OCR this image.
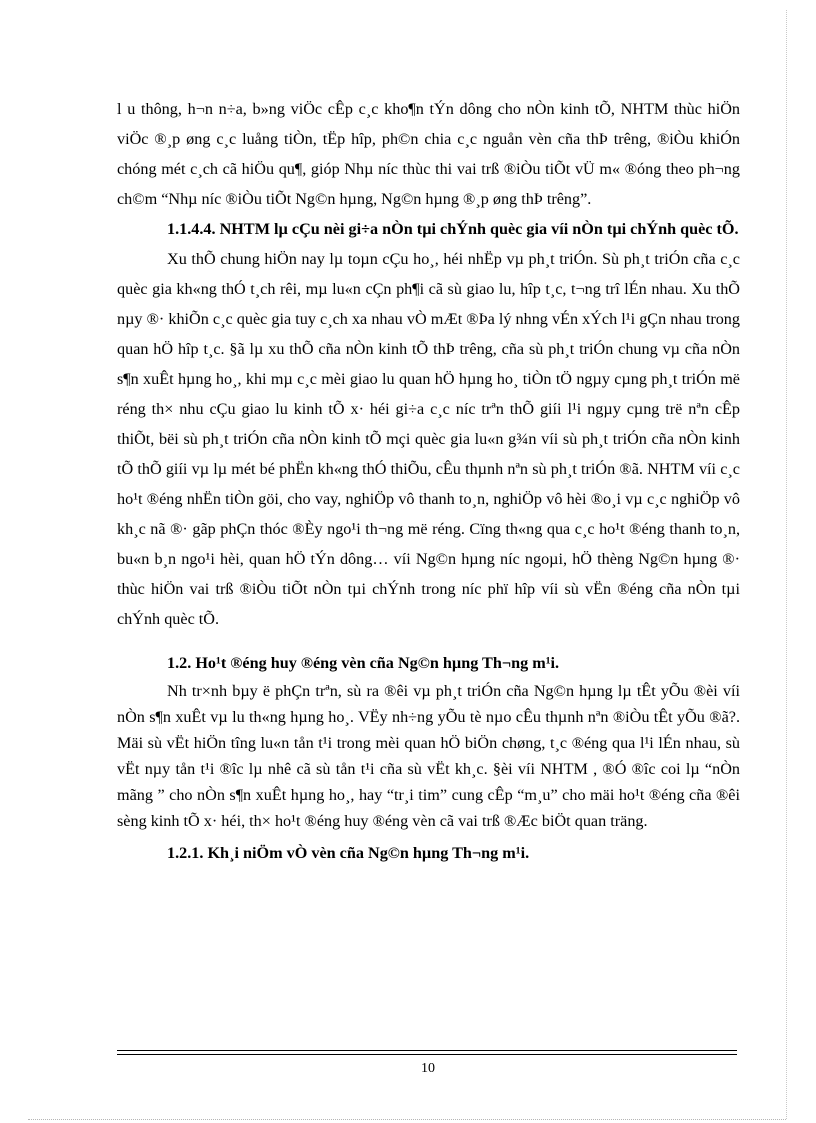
l u thông, h¬n n÷a, b»ng viÖc cÊp c¸c kho¶n tÝn dông cho nÒn kinh tÕ, NHTM thùc hiÖn viÖc ®¸p øng c¸c luång tiÒn, tËp hîp, ph©n chia c¸c nguån vèn cña thÞ trêng, ®iÒu khiÓn chóng mét c¸ch cã hiÖu qu¶, gióp Nhµ níc thùc thi vai trß ®iÒu tiÕt vÜ m« ®óng theo ph¬ng ch©m “Nhµ níc ®iÒu tiÕt Ng©n hµng, Ng©n hµng ®¸p øng thÞ trêng”.

1.1.4.4. NHTM lµ cÇu nèi gi÷a nÒn tµi chÝnh quèc gia víi nÒn tµi chÝnh quèc tÕ.

Xu thÕ chung hiÖn nay lµ toµn cÇu ho¸, héi nhËp vµ ph¸t triÓn. Sù ph¸t triÓn cña c¸c quèc gia kh«ng thÓ t¸ch rêi, mµ lu«n cÇn ph¶i cã sù giao lu, hîp t¸c, t¬ng trî lÉn nhau. Xu thÕ nµy ®· khiÕn c¸c quèc gia tuy c¸ch xa nhau vÒ mÆt ®Þa lý nhng vÉn xÝch l¹i gÇn nhau trong quan hÖ hîp t¸c. §ã lµ xu thÕ cña nÒn kinh tÕ thÞ trêng, cña sù ph¸t triÓn chung vµ cña nÒn s¶n xuÊt hµng ho¸, khi mµ c¸c mèi giao lu quan hÖ hµng ho¸ tiÒn tÖ ngµy cµng ph¸t triÓn më réng th× nhu cÇu giao lu kinh tÕ x· héi gi÷a c¸c níc trªn thÕ giíi l¹i ngµy cµng trë nªn cÊp thiÕt, bëi sù ph¸t triÓn cña nÒn kinh tÕ mçi quèc gia lu«n g¾n víi sù ph¸t triÓn cña nÒn kinh tÕ thÕ giíi vµ lµ mét bé phËn kh«ng thÓ thiÕu, cÊu thµnh nªn sù ph¸t triÓn ®ã. NHTM víi c¸c ho¹t ®éng nhËn tiÒn göi, cho vay, nghiÖp vô thanh to¸n, nghiÖp vô hèi ®o¸i vµ c¸c nghiÖp vô kh¸c nã ®· gãp phÇn thóc ®Èy ngo¹i th¬ng më réng. Cïng th«ng qua c¸c ho¹t ®éng thanh to¸n, bu«n b¸n ngo¹i hèi, quan hÖ tÝn dông… víi Ng©n hµng níc ngoµi, hÖ thèng Ng©n hµng ®· thùc hiÖn vai trß ®iÒu tiÕt nÒn tµi chÝnh trong níc phï hîp víi sù vËn ®éng cña nÒn tµi chÝnh quèc tÕ.

1.2. Ho¹t ®éng huy ®éng vèn cña Ng©n hµng Th¬ng m¹i.

Nh tr×nh bµy ë phÇn trªn, sù ra ®êi vµ ph¸t triÓn cña Ng©n hµng lµ tÊt yÕu ®èi víi nÒn s¶n xuÊt vµ lu th«ng hµng ho¸. VËy nh÷ng yÕu tè nµo cÊu thµnh nªn ®iÒu tÊt yÕu ®ã?. Mäi sù vËt hiÖn tîng lu«n tån t¹i trong mèi quan hÖ biÖn chøng, t¸c ®éng qua l¹i lÉn nhau, sù vËt nµy tån t¹i ®îc lµ nhê cã sù tån t¹i cña sù vËt kh¸c. §èi víi NHTM , ®Ó ®îc coi lµ “nÒn mãng ” cho nÒn s¶n xuÊt hµng ho¸, hay “tr¸i tim” cung cÊp “m¸u” cho mäi ho¹t ®éng cña ®êi sèng kinh tÕ x· héi, th× ho¹t ®éng huy ®éng vèn cã vai trß ®Æc biÖt quan träng.

1.2.1. Kh¸i niÖm vÒ vèn cña Ng©n hµng Th¬ng m¹i.

10
